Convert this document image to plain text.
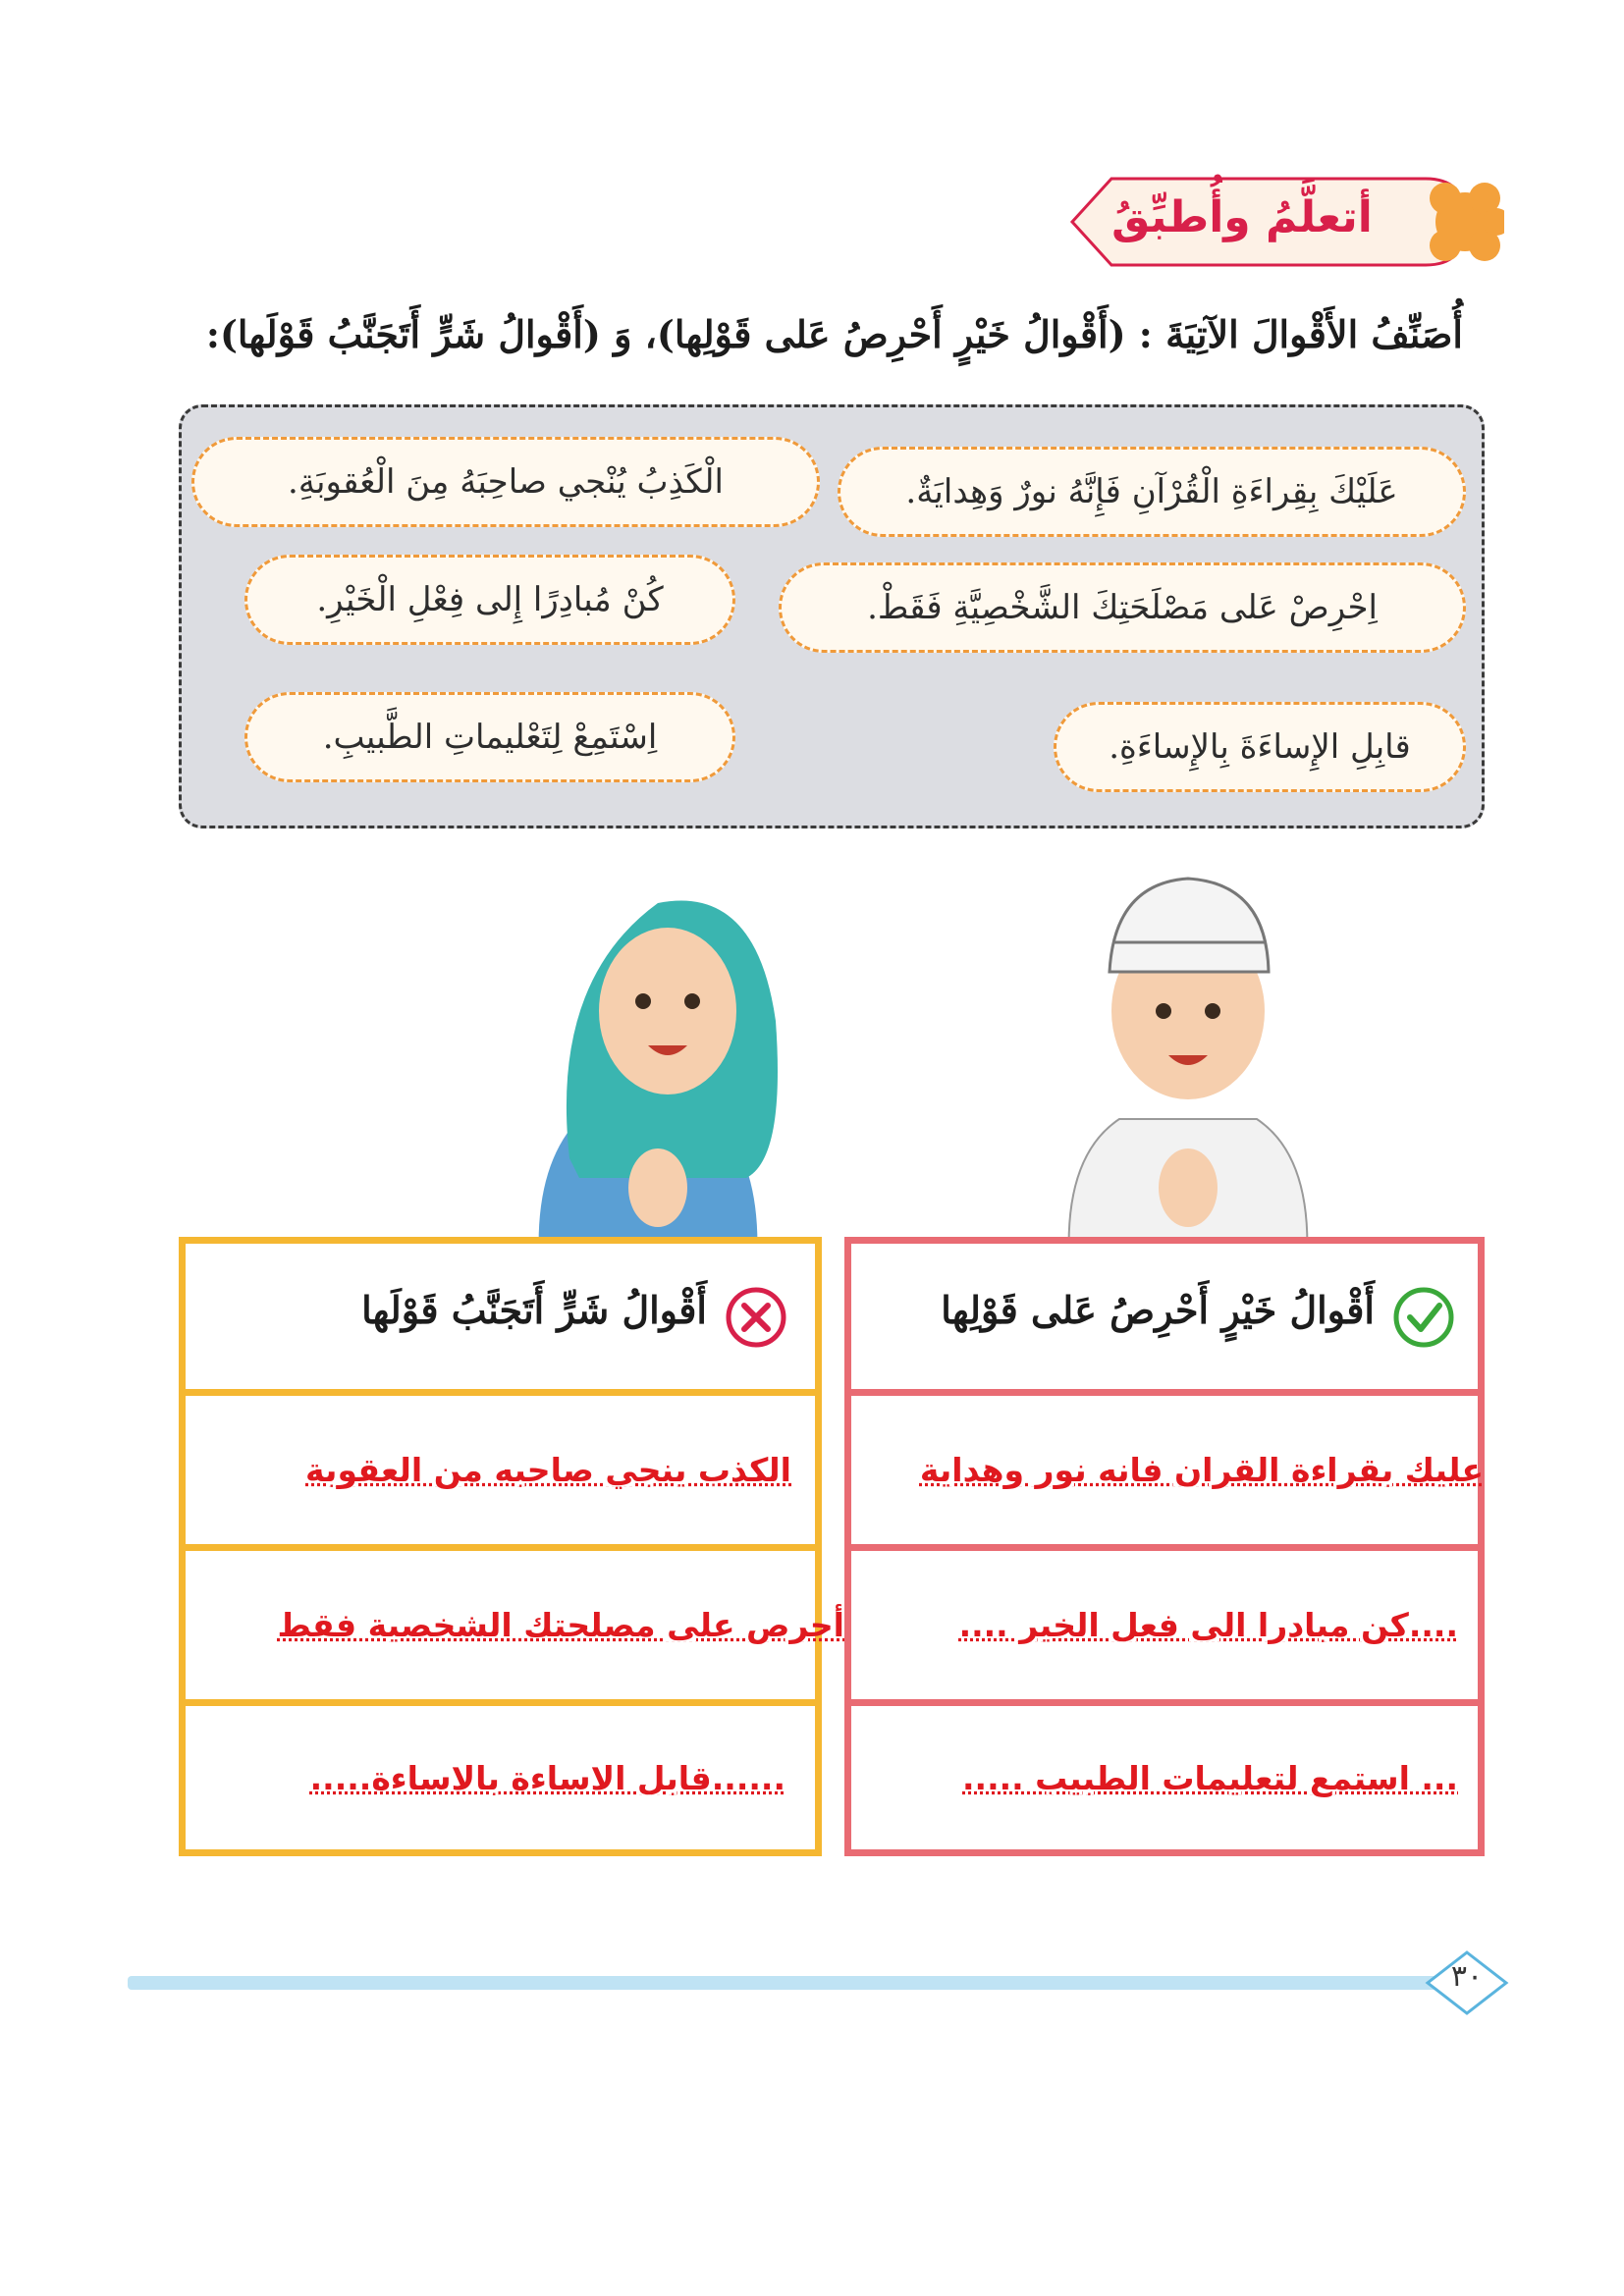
أتعلَّمُ وأُطبِّقُ
أُصَنِّفُ الأَقْوالَ الآتِيَةَ : (أَقْوالُ خَيْرٍ أَحْرِصُ عَلى قَوْلِها)، وَ (أَقْوالُ شَرٍّ أَتَجَنَّبُ قَوْلَها):
عَلَيْكَ بِقِراءَةِ الْقُرْآنِ فَإِنَّهُ نورٌ وَهِدايَةٌ.
الْكَذِبُ يُنْجي صاحِبَهُ مِنَ الْعُقوبَةِ.
اِحْرِصْ عَلى مَصْلَحَتِكَ الشَّخْصِيَّةِ فَقَطْ.
كُنْ مُبادِرًا إِلى فِعْلِ الْخَيْرِ.
قابِلِ الإِساءَةَ بِالإِساءَةِ.
اِسْتَمِعْ لِتَعْليماتِ الطَّبيبِ.
أَقْوالُ خَيْرٍ أَحْرِصُ عَلى قَوْلِها
عليك بقراءة القران فانه نور وهداية
....كن مبادرا الى فعل الخير ....
... استمع لتعليمات الطبيب .....
أَقْوالُ شَرٍّ أَتَجَنَّبُ قَوْلَها
الكذب ينجي صاحبه من العقوبة
أحرص على مصلحتك الشخصية فقط
......قابل الاساءة بالاساءة.....
٣٠
